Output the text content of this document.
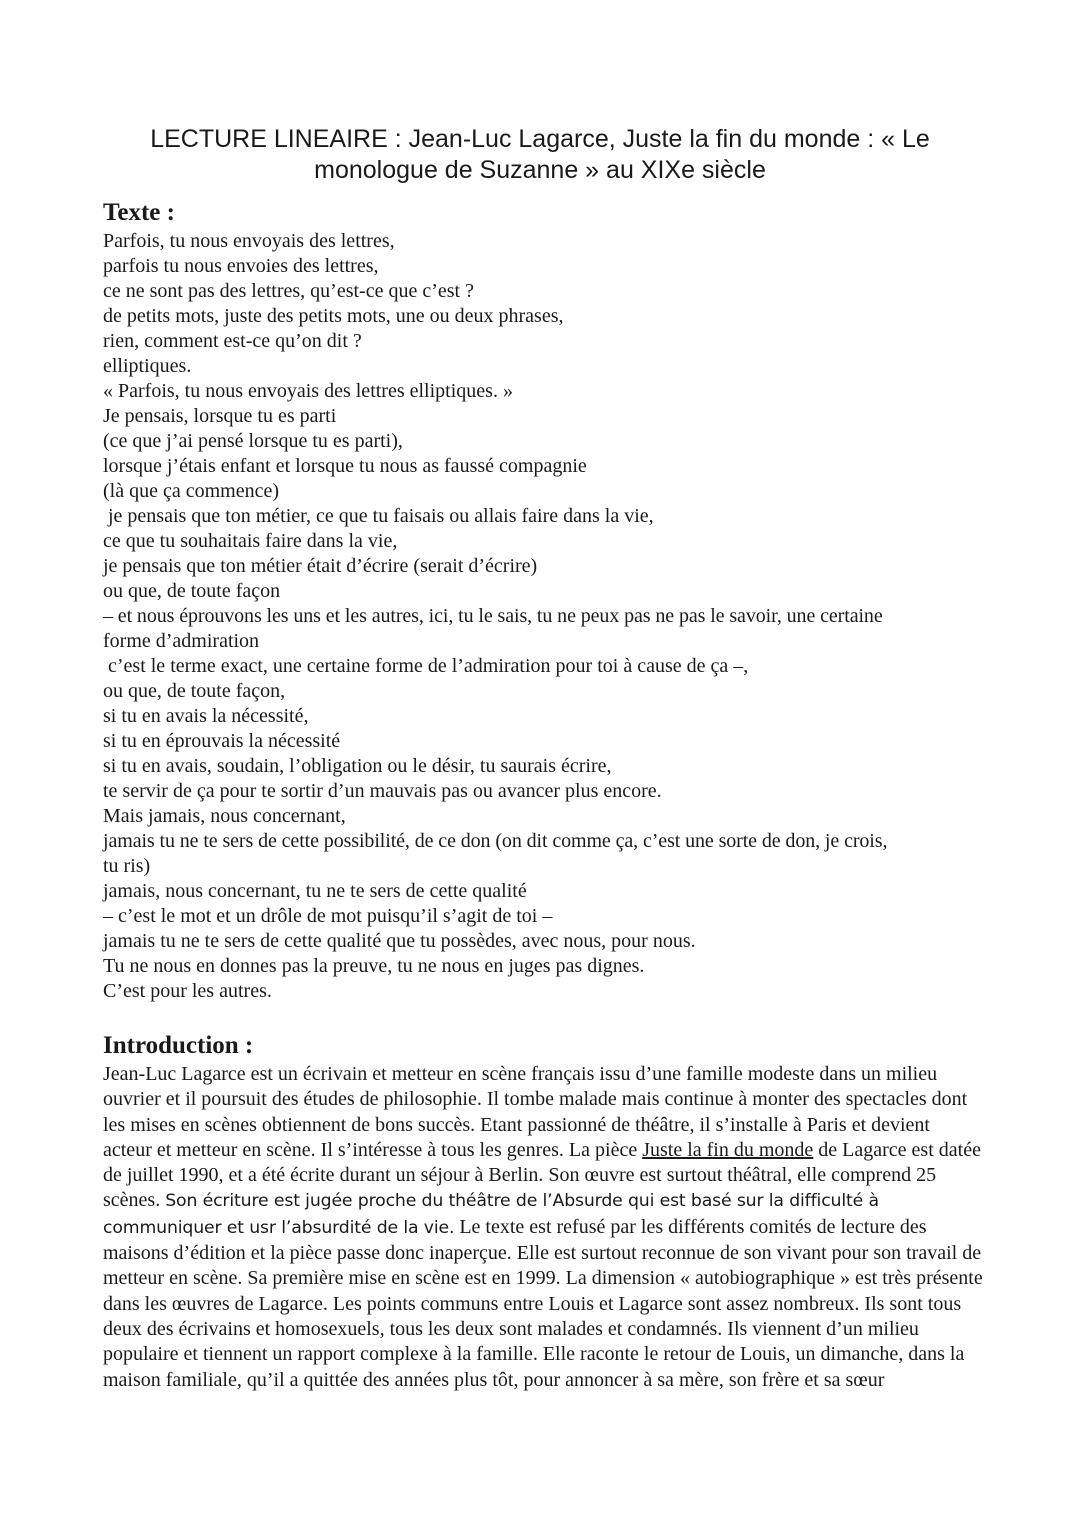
LECTURE LINEAIRE : Jean-Luc Lagarce, Juste la fin du monde : « Le
monologue de Suzanne » au XIXe siècle
Texte :
Parfois, tu nous envoyais des lettres,
parfois tu nous envoies des lettres,
ce ne sont pas des lettres, qu’est-ce que c’est ?
de petits mots, juste des petits mots, une ou deux phrases,
rien, comment est-ce qu’on dit ?
elliptiques.
« Parfois, tu nous envoyais des lettres elliptiques. »
Je pensais, lorsque tu es parti
(ce que j’ai pensé lorsque tu es parti),
lorsque j’étais enfant et lorsque tu nous as faussé compagnie
(là que ça commence)
je pensais que ton métier, ce que tu faisais ou allais faire dans la vie,
ce que tu souhaitais faire dans la vie,
je pensais que ton métier était d’écrire (serait d’écrire)
ou que, de toute façon
– et nous éprouvons les uns et les autres, ici, tu le sais, tu ne peux pas ne pas le savoir, une certaine
forme d’admiration
c’est le terme exact, une certaine forme de l’admiration pour toi à cause de ça –,
ou que, de toute façon,
si tu en avais la nécessité,
si tu en éprouvais la nécessité
si tu en avais, soudain, l’obligation ou le désir, tu saurais écrire,
te servir de ça pour te sortir d’un mauvais pas ou avancer plus encore.
Mais jamais, nous concernant,
jamais tu ne te sers de cette possibilité, de ce don (on dit comme ça, c’est une sorte de don, je crois,
tu ris)
jamais, nous concernant, tu ne te sers de cette qualité
– c’est le mot et un drôle de mot puisqu’il s’agit de toi –
jamais tu ne te sers de cette qualité que tu possèdes, avec nous, pour nous.
Tu ne nous en donnes pas la preuve, tu ne nous en juges pas dignes.
C’est pour les autres.
Introduction :

Jean-Luc Lagarce est un écrivain et metteur en scène français issu d’une famille modeste dans un milieu ouvrier et il poursuit des études de philosophie. Il tombe malade mais continue à monter des spectacles dont les mises en scènes obtiennent de bons succès. Etant passionné de théâtre, il s’installe à Paris et devient acteur et metteur en scène. Il s’intéresse à tous les genres. La pièce Juste la fin du monde de Lagarce est datée de juillet 1990, et a été écrite durant un séjour à Berlin. Son œuvre est surtout théâtral, elle comprend 25 scènes. Son écriture est jugée proche du théâtre de l’Absurde qui est basé sur la difficulté à communiquer et usr l’absurdité de la vie. Le texte est refusé par les différents comités de lecture des maisons d’édition et la pièce passe donc inaperçue. Elle est surtout reconnue de son vivant pour son travail de metteur en scène. Sa première mise en scène est en 1999. La dimension « autobiographique » est très présente dans les œuvres de Lagarce. Les points communs entre Louis et Lagarce sont assez nombreux. Ils sont tous deux des écrivains et homosexuels, tous les deux sont malades et condamnés. Ils viennent d’un milieu populaire et tiennent un rapport complexe à la famille. Elle raconte le retour de Louis, un dimanche, dans la maison familiale, qu’il a quittée des années plus tôt, pour annoncer à sa mère, son frère et sa sœur
